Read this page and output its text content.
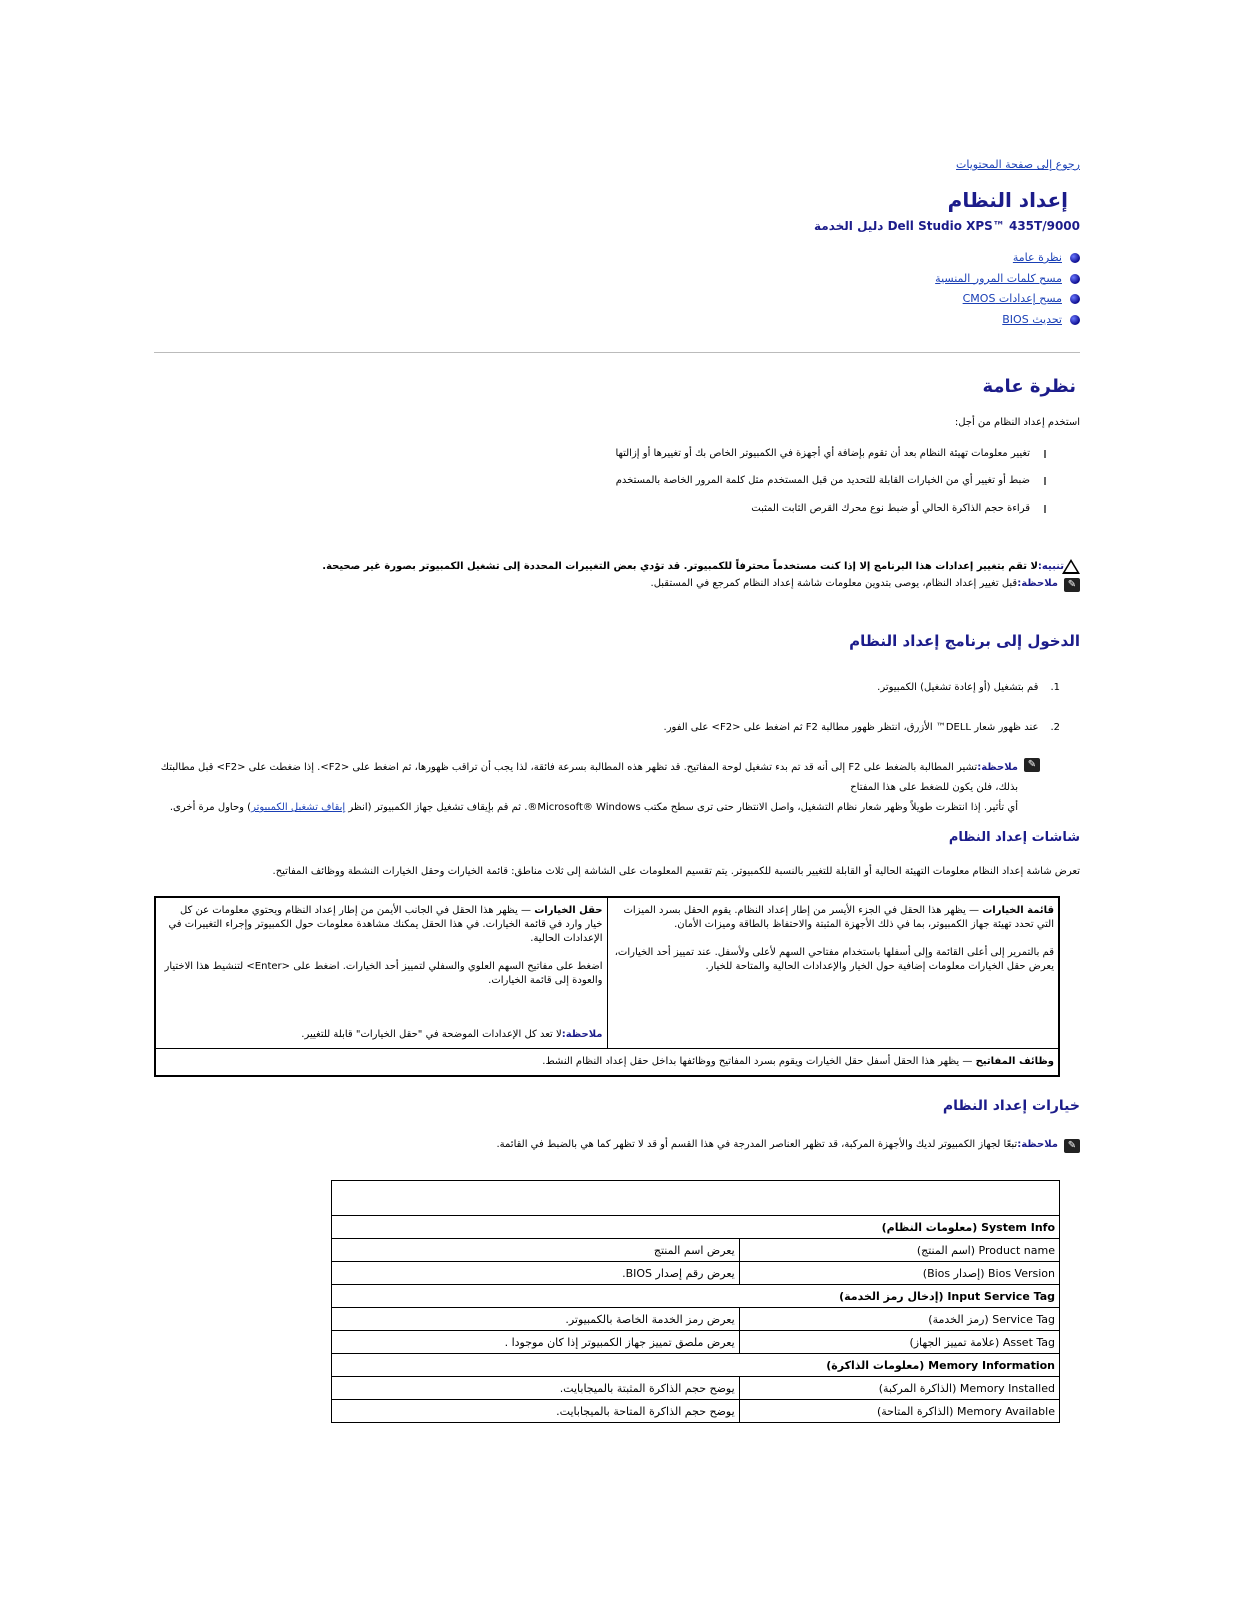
رجوع إلى صفحة المحتويات
إعداد النظام
Dell Studio XPS™ 435T/9000 دليل الخدمة
نظرة عامة
مسح كلمات المرور المنسية
مسح إعدادات CMOS
تحديث BIOS
نظرة عامة
استخدم إعداد النظام من أجل:
تغيير معلومات تهيئة النظام بعد أن تقوم بإضافة أي أجهزة في الكمبيوتر الخاص بك أو تغييرها أو إزالتها
ضبط أو تغيير أي من الخيارات القابلة للتحديد من قبل المستخدم مثل كلمة المرور الخاصة بالمستخدم
قراءة حجم الذاكرة الحالي أو ضبط نوع محرك القرص الثابت المثبت
تنبيه:
لا تقم بتغيير إعدادات هذا البرنامج إلا إذا كنت مستخدماً محترفاً للكمبيوتر. قد تؤدي بعض التغييرات المحددة إلى تشغيل الكمبيوتر بصورة غير صحيحة.
✎
ملاحظة:
قبل تغيير إعداد النظام، يوصى بتدوين معلومات شاشة إعداد النظام كمرجع في المستقبل.
الدخول إلى برنامج إعداد النظام
1.
قم بتشغيل (أو إعادة تشغيل) الكمبيوتر.
2.
عند ظهور شعار DELL™ الأزرق، انتظر ظهور مطالبة F2 ثم اضغط على <F2> على الفور.
✎
ملاحظة:تشير المطالبة بالضغط على F2 إلى أنه قد تم بدء تشغيل لوحة المفاتيح. قد تظهر هذه المطالبة بسرعة فائقة، لذا يجب أن تراقب ظهورها، ثم اضغط على <F2>. إذا ضغطت على <F2> قبل مطالبتك بذلك، فلن يكون للضغط على هذا المفتاح
أي تأثير. إذا انتظرت طويلاً وظهر شعار نظام التشغيل، واصل الانتظار حتى ترى سطح مكتب Microsoft® Windows®. ثم قم بإيقاف تشغيل جهاز الكمبيوتر (انظر إيقاف تشغيل الكمبيوتر) وحاول مرة أخرى.
شاشات إعداد النظام
تعرض شاشة إعداد النظام معلومات التهيئة الحالية أو القابلة للتغيير بالنسبة للكمبيوتر. يتم تقسيم المعلومات على الشاشة إلى ثلاث مناطق: قائمة الخيارات وحقل الخيارات النشطة ووظائف المفاتيح.
قائمة الخيارات — يظهر هذا الحقل في الجزء الأيسر من إطار إعداد النظام. يقوم الحقل بسرد الميزات التي تحدد تهيئة جهاز الكمبيوتر، بما في ذلك الأجهزة المثبتة والاحتفاظ بالطاقة وميزات الأمان.
قم بالتمرير إلى أعلى القائمة وإلى أسفلها باستخدام مفتاحي السهم لأعلى ولأسفل. عند تمييز أحد الخيارات، يعرض حقل الخيارات معلومات إضافية حول الخيار والإعدادات الحالية والمتاحة للخيار.

حقل الخيارات — يظهر هذا الحقل في الجانب الأيمن من إطار إعداد النظام ويحتوي معلومات عن كل خيار وارد في قائمة الخيارات. في هذا الحقل يمكنك مشاهدة معلومات حول الكمبيوتر وإجراء التغييرات في الإعدادات الحالية.
اضغط على مفاتيح السهم العلوي والسفلي لتمييز أحد الخيارات. اضغط على <Enter> لتنشيط هذا الاختيار والعودة إلى قائمة الخيارات.
ملاحظة:لا تعد كل الإعدادات الموضحة في "حقل الخيارات" قابلة للتغيير.

وظائف المفاتيح — يظهر هذا الحقل أسفل حقل الخيارات ويقوم بسرد المفاتيح ووظائفها بداخل حقل إعداد النظام النشط.
خيارات إعداد النظام
✎
ملاحظة:
تبعًا لجهاز الكمبيوتر لديك والأجهزة المركبة، قد تظهر العناصر المدرجة في هذا القسم أو قد لا تظهر كما هي بالضبط في القائمة.

System Info (معلومات النظام)	
Product name (اسم المنتج)	يعرض اسم المنتج
Bios Version (إصدار Bios)	يعرض رقم إصدار BIOS.
Input Service Tag (إدخال رمز الخدمة)	
Service Tag (رمز الخدمة)	يعرض رمز الخدمة الخاصة بالكمبيوتر.
Asset Tag (علامة تمييز الجهاز)	يعرض ملصق تمييز جهاز الكمبيوتر إذا كان موجودا .
Memory Information (معلومات الذاكرة)	
Memory Installed (الذاكرة المركبة)	يوضح حجم الذاكرة المثبتة بالميجابايت.
Memory Available (الذاكرة المتاحة)	يوضح حجم الذاكرة المتاحة بالميجابايت.
